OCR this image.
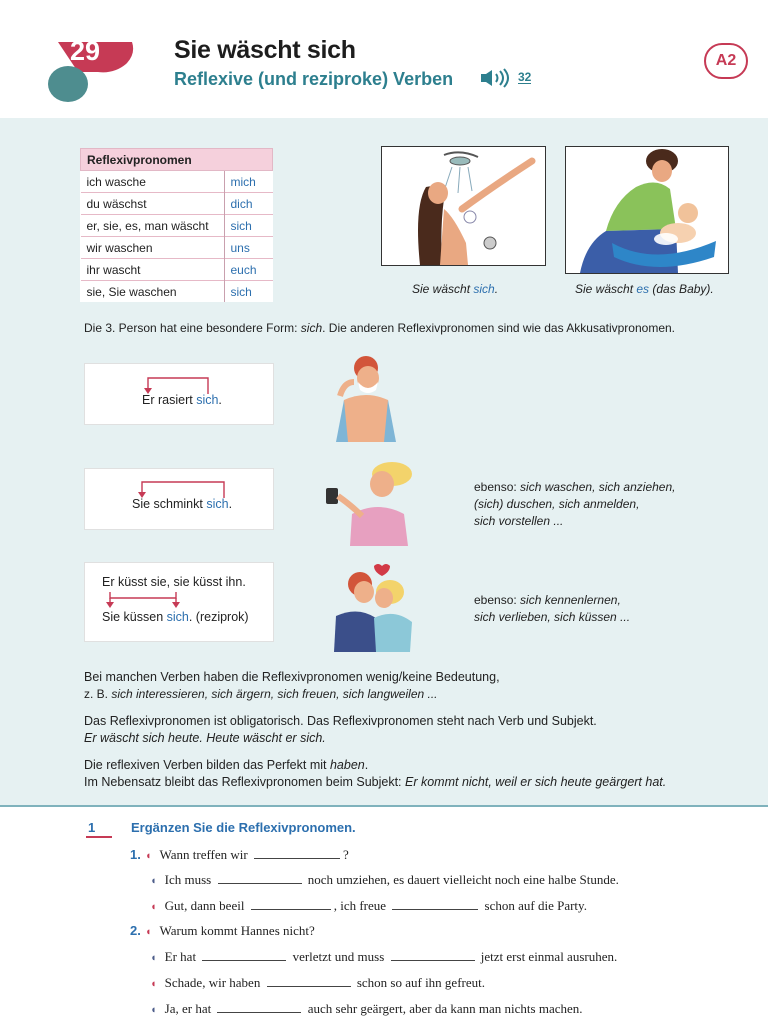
29	Sie wäscht sich
Reflexive (und reziproke) Verben	32
A2
Reflexivpronomen	
ich wasche	mich
du wäschst	dich
er, sie, es, man wäscht	sich
wir waschen	uns
ihr wascht	euch
sie, Sie waschen	sich	Sie wäscht sich.	Sie wäscht es (das Baby).
Die 3. Person hat eine besondere Form: sich. Die anderen Reflexivpronomen sind wie das Akkusativpronomen.
Er rasiert sich.
Sie schminkt sich.
ebenso: sich waschen, sich anziehen,
(sich) duschen, sich anmelden,
sich vorstellen ...
Er küsst sie, sie küsst ihn.
Sie küssen sich. (reziprok)
ebenso: sich kennenlernen,
sich verlieben, sich küssen ...
Bei manchen Verben haben die Reflexivpronomen wenig/keine Bedeutung,
z. B. sich interessieren, sich ärgern, sich freuen, sich langweilen ...
Das Reflexivpronomen ist obligatorisch. Das Reflexivpronomen steht nach Verb und Subjekt.
Er wäscht sich heute. Heute wäscht er sich.
Die reflexiven Verben bilden das Perfekt mit haben.
Im Nebensatz bleibt das Reflexivpronomen beim Subjekt: Er kommt nicht, weil er sich heute geärgert hat.
1	Ergänzen Sie die Reflexivpronomen.
1. ◖ Wann treffen wir	?
◖ Ich muss	noch umziehen, es dauert vielleicht noch eine halbe Stunde.
◖ Gut, dann beeil	, ich freue	schon auf die Party.
2. ◖ Warum kommt Hannes nicht?
◖ Er hat	verletzt und muss	jetzt erst einmal ausruhen.
◖ Schade, wir haben	schon so auf ihn gefreut.
◖ Ja, er hat	auch sehr geärgert, aber da kann man nichts machen.
